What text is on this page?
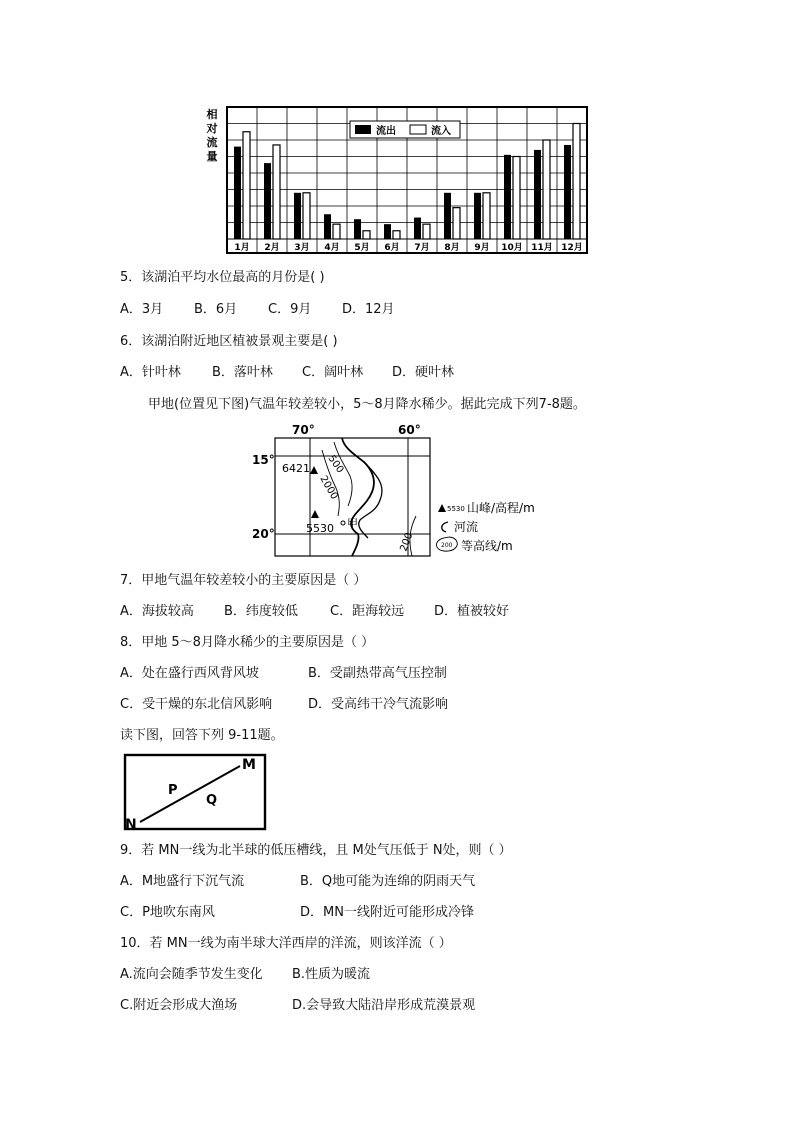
1月 2月 3月 4月 5月 6月 7月 8月 9月 10月 11月 12月
相
对
流
量
流出	流入
5．该湖泊平均水位最高的月份是( )
A．3月 B．6月 C．9月 D．12月
6．该湖泊附近地区植被景观主要是( )
A．针叶林 B．落叶林 C．阔叶林 D．硬叶林
甲地(位置见下图)气温年较差较小，5～8月降水稀少。据此完成下列7-8题。
70°	60°
15°
20°
6421
5530
500
2000
200
甲
5530 山峰/高程/m
河流
200 等高线/m
7．甲地气温年较差较小的主要原因是（ ）
A．海拔较高 B．纬度较低 C．距海较远 D．植被较好
8．甲地 5～8月降水稀少的主要原因是（ ）
A．处在盛行西风背风坡	B．受副热带高气压控制
C．受干燥的东北信风影响	D．受高纬干冷气流影响
读下图，回答下列 9-11题。
M
N
P
Q
9．若 MN一线为北半球的低压槽线，且 M处气压低于 N处，则（ ）
A．M地盛行下沉气流	B．Q地可能为连绵的阴雨天气
C．P地吹东南风	D．MN一线附近可能形成冷锋
10．若 MN一线为南半球大洋西岸的洋流，则该洋流（ ）
A.流向会随季节发生变化 B.性质为暖流
C.附近会形成大渔场	D.会导致大陆沿岸形成荒漠景观
